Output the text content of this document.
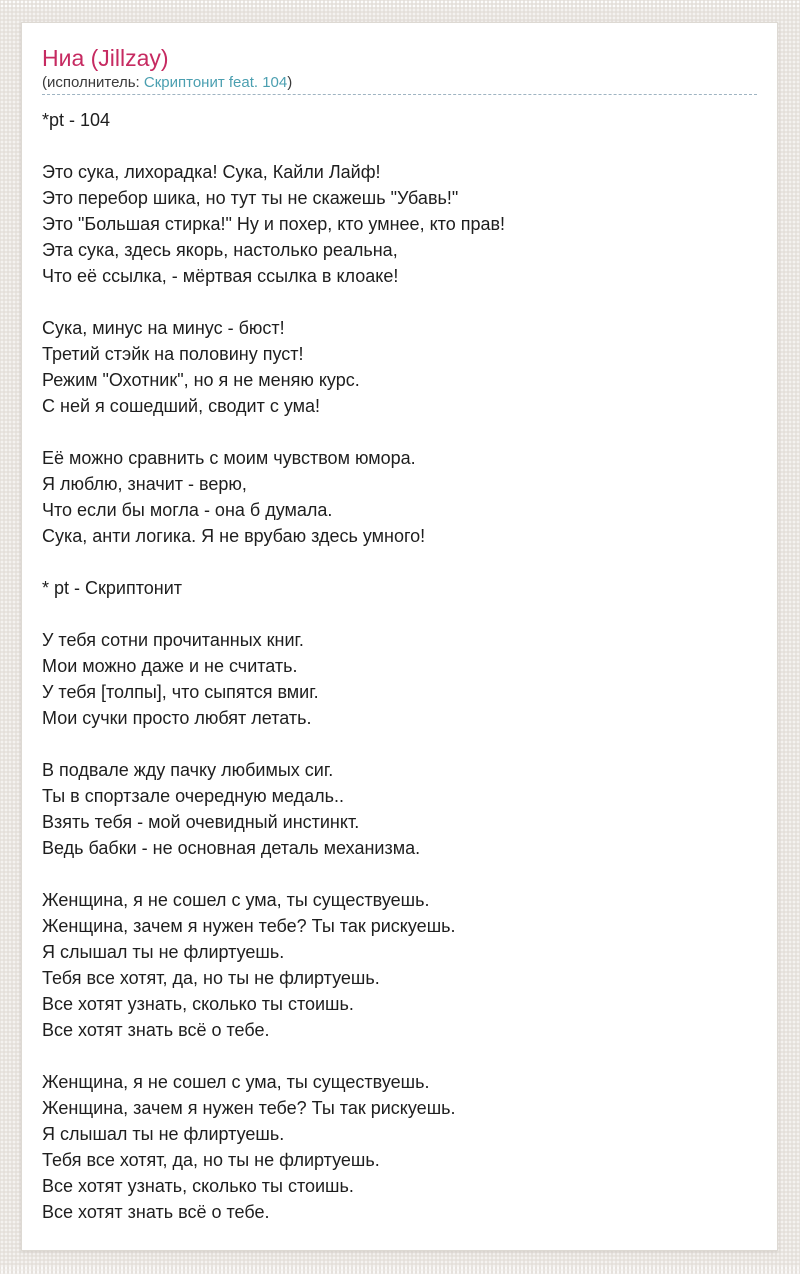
Ниа (Jillzay)
(исполнитель: Скриптонит feat. 104)
*pt - 104

Это сука, лихорадка! Сука, Кайли Лайф!
Это перебор шика, но тут ты не скажешь "Убавь!"
Это "Большая стирка!" Ну и похер, кто умнее, кто прав!
Эта сука, здесь якорь, настолько реальна,
Что её ссылка, - мёртвая ссылка в клоаке!

Сука, минус на минус - бюст!
Третий стэйк на половину пуст!
Режим "Охотник", но я не меняю курс.
С ней я сошедший, сводит с ума!

Её можно сравнить с моим чувством юмора.
Я люблю, значит - верю,
Что если бы могла - она б думала.
Сука, анти логика. Я не врубаю здесь умного!

* pt - Скриптонит

У тебя сотни прочитанных книг.
Мои можно даже и не считать.
У тебя [толпы], что сыпятся вмиг.
Мои сучки просто любят летать.

В подвале жду пачку любимых сиг.
Ты в спортзале очередную медаль..
Взять тебя - мой очевидный инстинкт.
Ведь бабки - не основная деталь механизма.

Женщина, я не сошел с ума, ты существуешь.
Женщина, зачем я нужен тебе? Ты так рискуешь.
Я слышал ты не флиртуешь.
Тебя все хотят, да, но ты не флиртуешь.
Все хотят узнать, сколько ты стоишь.
Все хотят знать всё о тебе.

Женщина, я не сошел с ума, ты существуешь.
Женщина, зачем я нужен тебе? Ты так рискуешь.
Я слышал ты не флиртуешь.
Тебя все хотят, да, но ты не флиртуешь.
Все хотят узнать, сколько ты стоишь.
Все хотят знать всё о тебе.
